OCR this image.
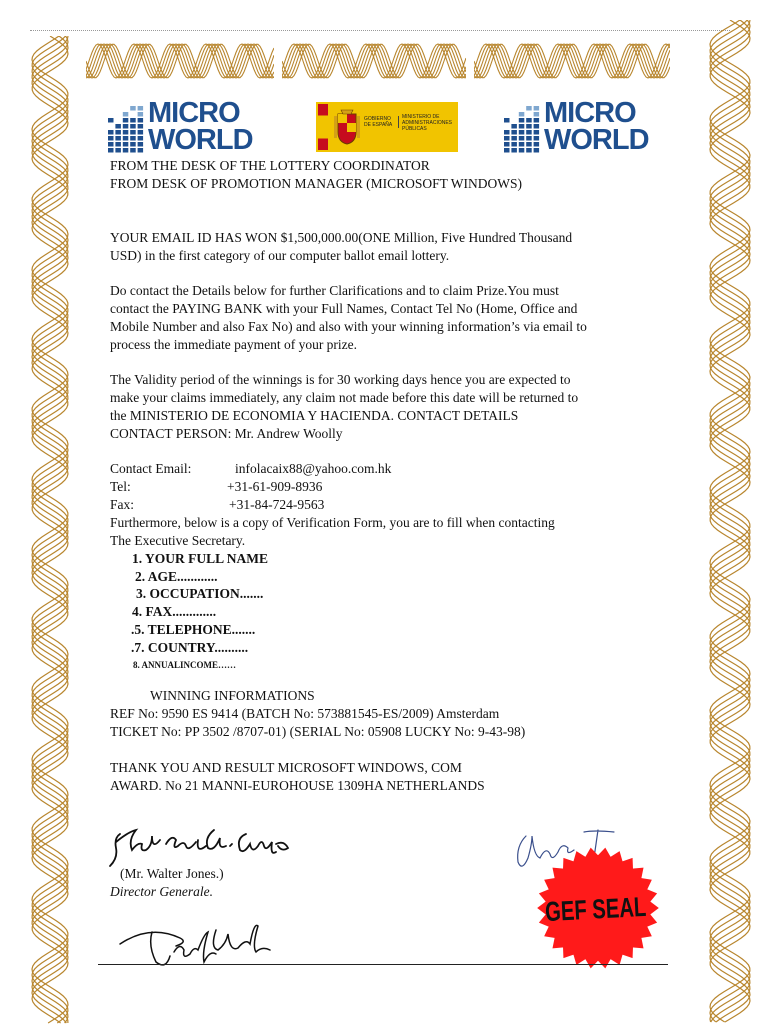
MICRO
WORLD
GOBIERNO DE ESPAÑA
MINISTERIO DE ADMINISTRACIONES PÚBLICAS	MICRO
WORLD
FROM THE DESK OF THE LOTTERY COORDINATOR
FROM DESK OF PROMOTION MANAGER (MICROSOFT WINDOWS)
YOUR EMAIL ID HAS WON $1,500,000.00(ONE Million, Five Hundred Thousand
USD) in the first category of our computer ballot email lottery.
Do contact the Details below for further Clarifications and to claim Prize.You must
contact the PAYING BANK with your Full Names, Contact Tel No (Home, Office and
Mobile Number and also Fax No) and also with your winning information’s via email to
process the immediate payment of your prize.
The Validity period of the winnings is for 30 working days hence you are expected to
make your claims immediately, any claim not made before this date will be returned to
the MINISTERIO DE ECONOMIA Y HACIENDA. CONTACT DETAILS
CONTACT PERSON: Mr. Andrew Woolly
Contact Email:	infolacaix88@yahoo.com.hk
Tel:	+31-61-909-8936
Fax:	+31-84-724-9563
Furthermore, below is a copy of Verification Form, you are to fill when contacting
The Executive Secretary.
1. YOUR FULL NAME
2. AGE............
3. OCCUPATION.......
4. FAX.............
.5. TELEPHONE.......
.7. COUNTRY..........
8. ANNUALINCOME……
WINNING INFORMATIONS
REF No: 9590 ES 9414 (BATCH No: 573881545-ES/2009) Amsterdam
TICKET No: PP 3502 /8707-01) (SERIAL No: 05908 LUCKY No: 9-43-98)
THANK YOU AND RESULT MICROSOFT WINDOWS, COM
AWARD. No 21 MANNI-EUROHOUSE 1309HA NETHERLANDS
(Mr. Walter Jones.)
Director Generale.
GEF SEAL
